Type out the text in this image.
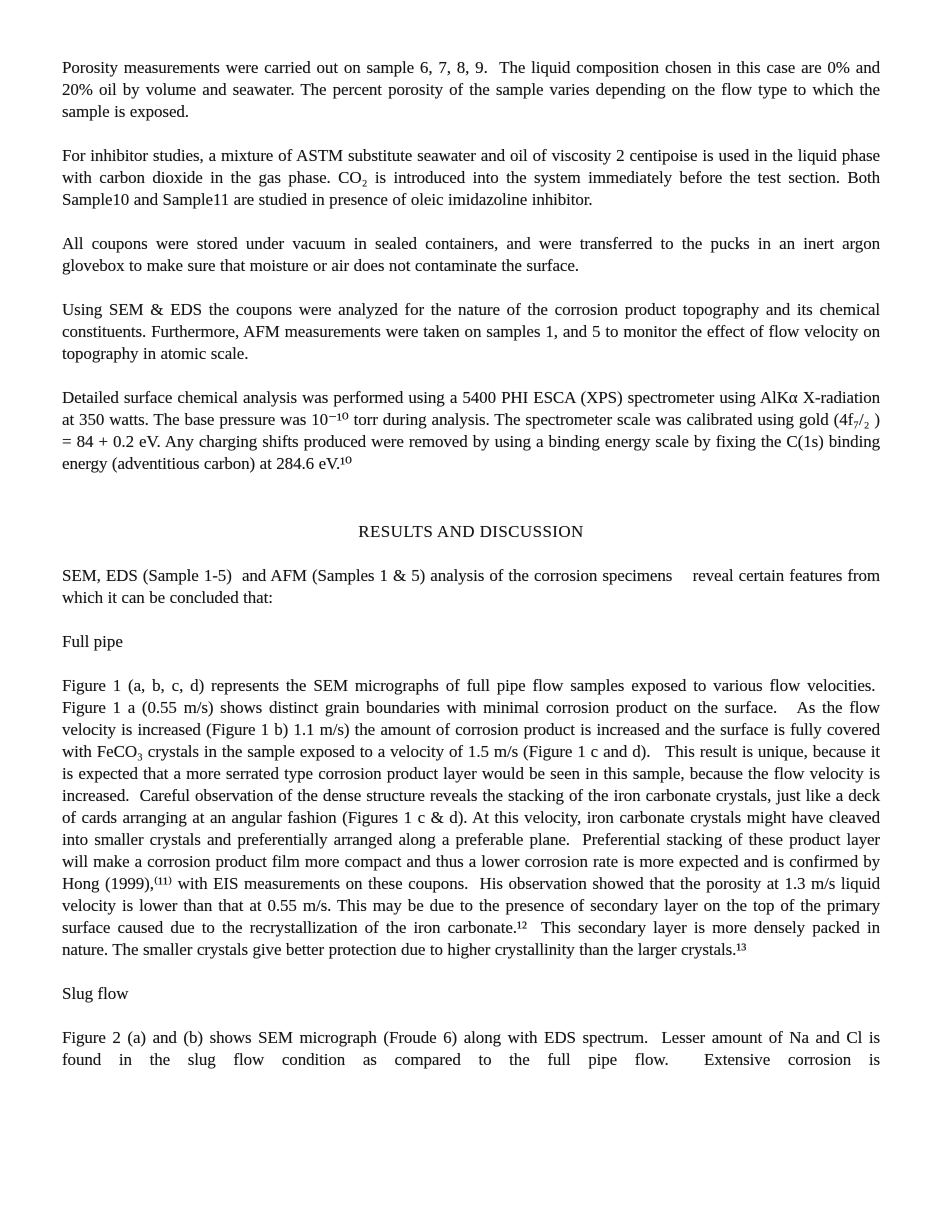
Porosity measurements were carried out on sample 6, 7, 8, 9.  The liquid composition chosen in this case are 0% and 20% oil by volume and seawater. The percent porosity of the sample varies depending on the flow type to which the sample is exposed.

For inhibitor studies, a mixture of ASTM substitute seawater and oil of viscosity 2 centipoise is used in the liquid phase with carbon dioxide in the gas phase. CO₂ is introduced into the system immediately before the test section. Both Sample10 and Sample11 are studied in presence of oleic imidazoline inhibitor.

All coupons were stored under vacuum in sealed containers, and were transferred to the pucks in an inert argon glovebox to make sure that moisture or air does not contaminate the surface.

Using SEM & EDS the coupons were analyzed for the nature of the corrosion product topography and its chemical constituents. Furthermore, AFM measurements were taken on samples 1, and 5 to monitor the effect of flow velocity on topography in atomic scale.

Detailed surface chemical analysis was performed using a 5400 PHI ESCA (XPS) spectrometer using AlKα X-radiation at 350 watts. The base pressure was 10⁻¹⁰ torr during analysis. The spectrometer scale was calibrated using gold (4f₇/₂ ) = 84 + 0.2 eV. Any charging shifts produced were removed by using a binding energy scale by fixing the C(1s) binding energy (adventitious carbon) at 284.6 eV.¹⁰

RESULTS AND DISCUSSION

SEM, EDS (Sample 1-5)  and AFM (Samples 1 & 5) analysis of the corrosion specimens    reveal certain features from which it can be concluded that:

Full pipe

Figure 1 (a, b, c, d) represents the SEM micrographs of full pipe flow samples exposed to various flow velocities.  Figure 1 a (0.55 m/s) shows distinct grain boundaries with minimal corrosion product on the surface.   As the flow velocity is increased (Figure 1 b) 1.1 m/s) the amount of corrosion product is increased and the surface is fully covered with FeCO₃ crystals in the sample exposed to a velocity of 1.5 m/s (Figure 1 c and d).   This result is unique, because it is expected that a more serrated type corrosion product layer would be seen in this sample, because the flow velocity is increased.  Careful observation of the dense structure reveals the stacking of the iron carbonate crystals, just like a deck of cards arranging at an angular fashion (Figures 1 c & d). At this velocity, iron carbonate crystals might have cleaved into smaller crystals and preferentially arranged along a preferable plane.  Preferential stacking of these product layer will make a corrosion product film more compact and thus a lower corrosion rate is more expected and is confirmed by Hong (1999),⁽¹¹⁾ with EIS measurements on these coupons.  His observation showed that the porosity at 1.3 m/s liquid velocity is lower than that at 0.55 m/s. This may be due to the presence of secondary layer on the top of the primary surface caused due to the recrystallization of the iron carbonate.¹²  This secondary layer is more densely packed in nature. The smaller crystals give better protection due to higher crystallinity than the larger crystals.¹³

Slug flow

Figure 2 (a) and (b) shows SEM micrograph (Froude 6) along with EDS spectrum.  Lesser amount of Na and Cl is found in the slug flow condition as compared to the full pipe flow.  Extensive corrosion is
